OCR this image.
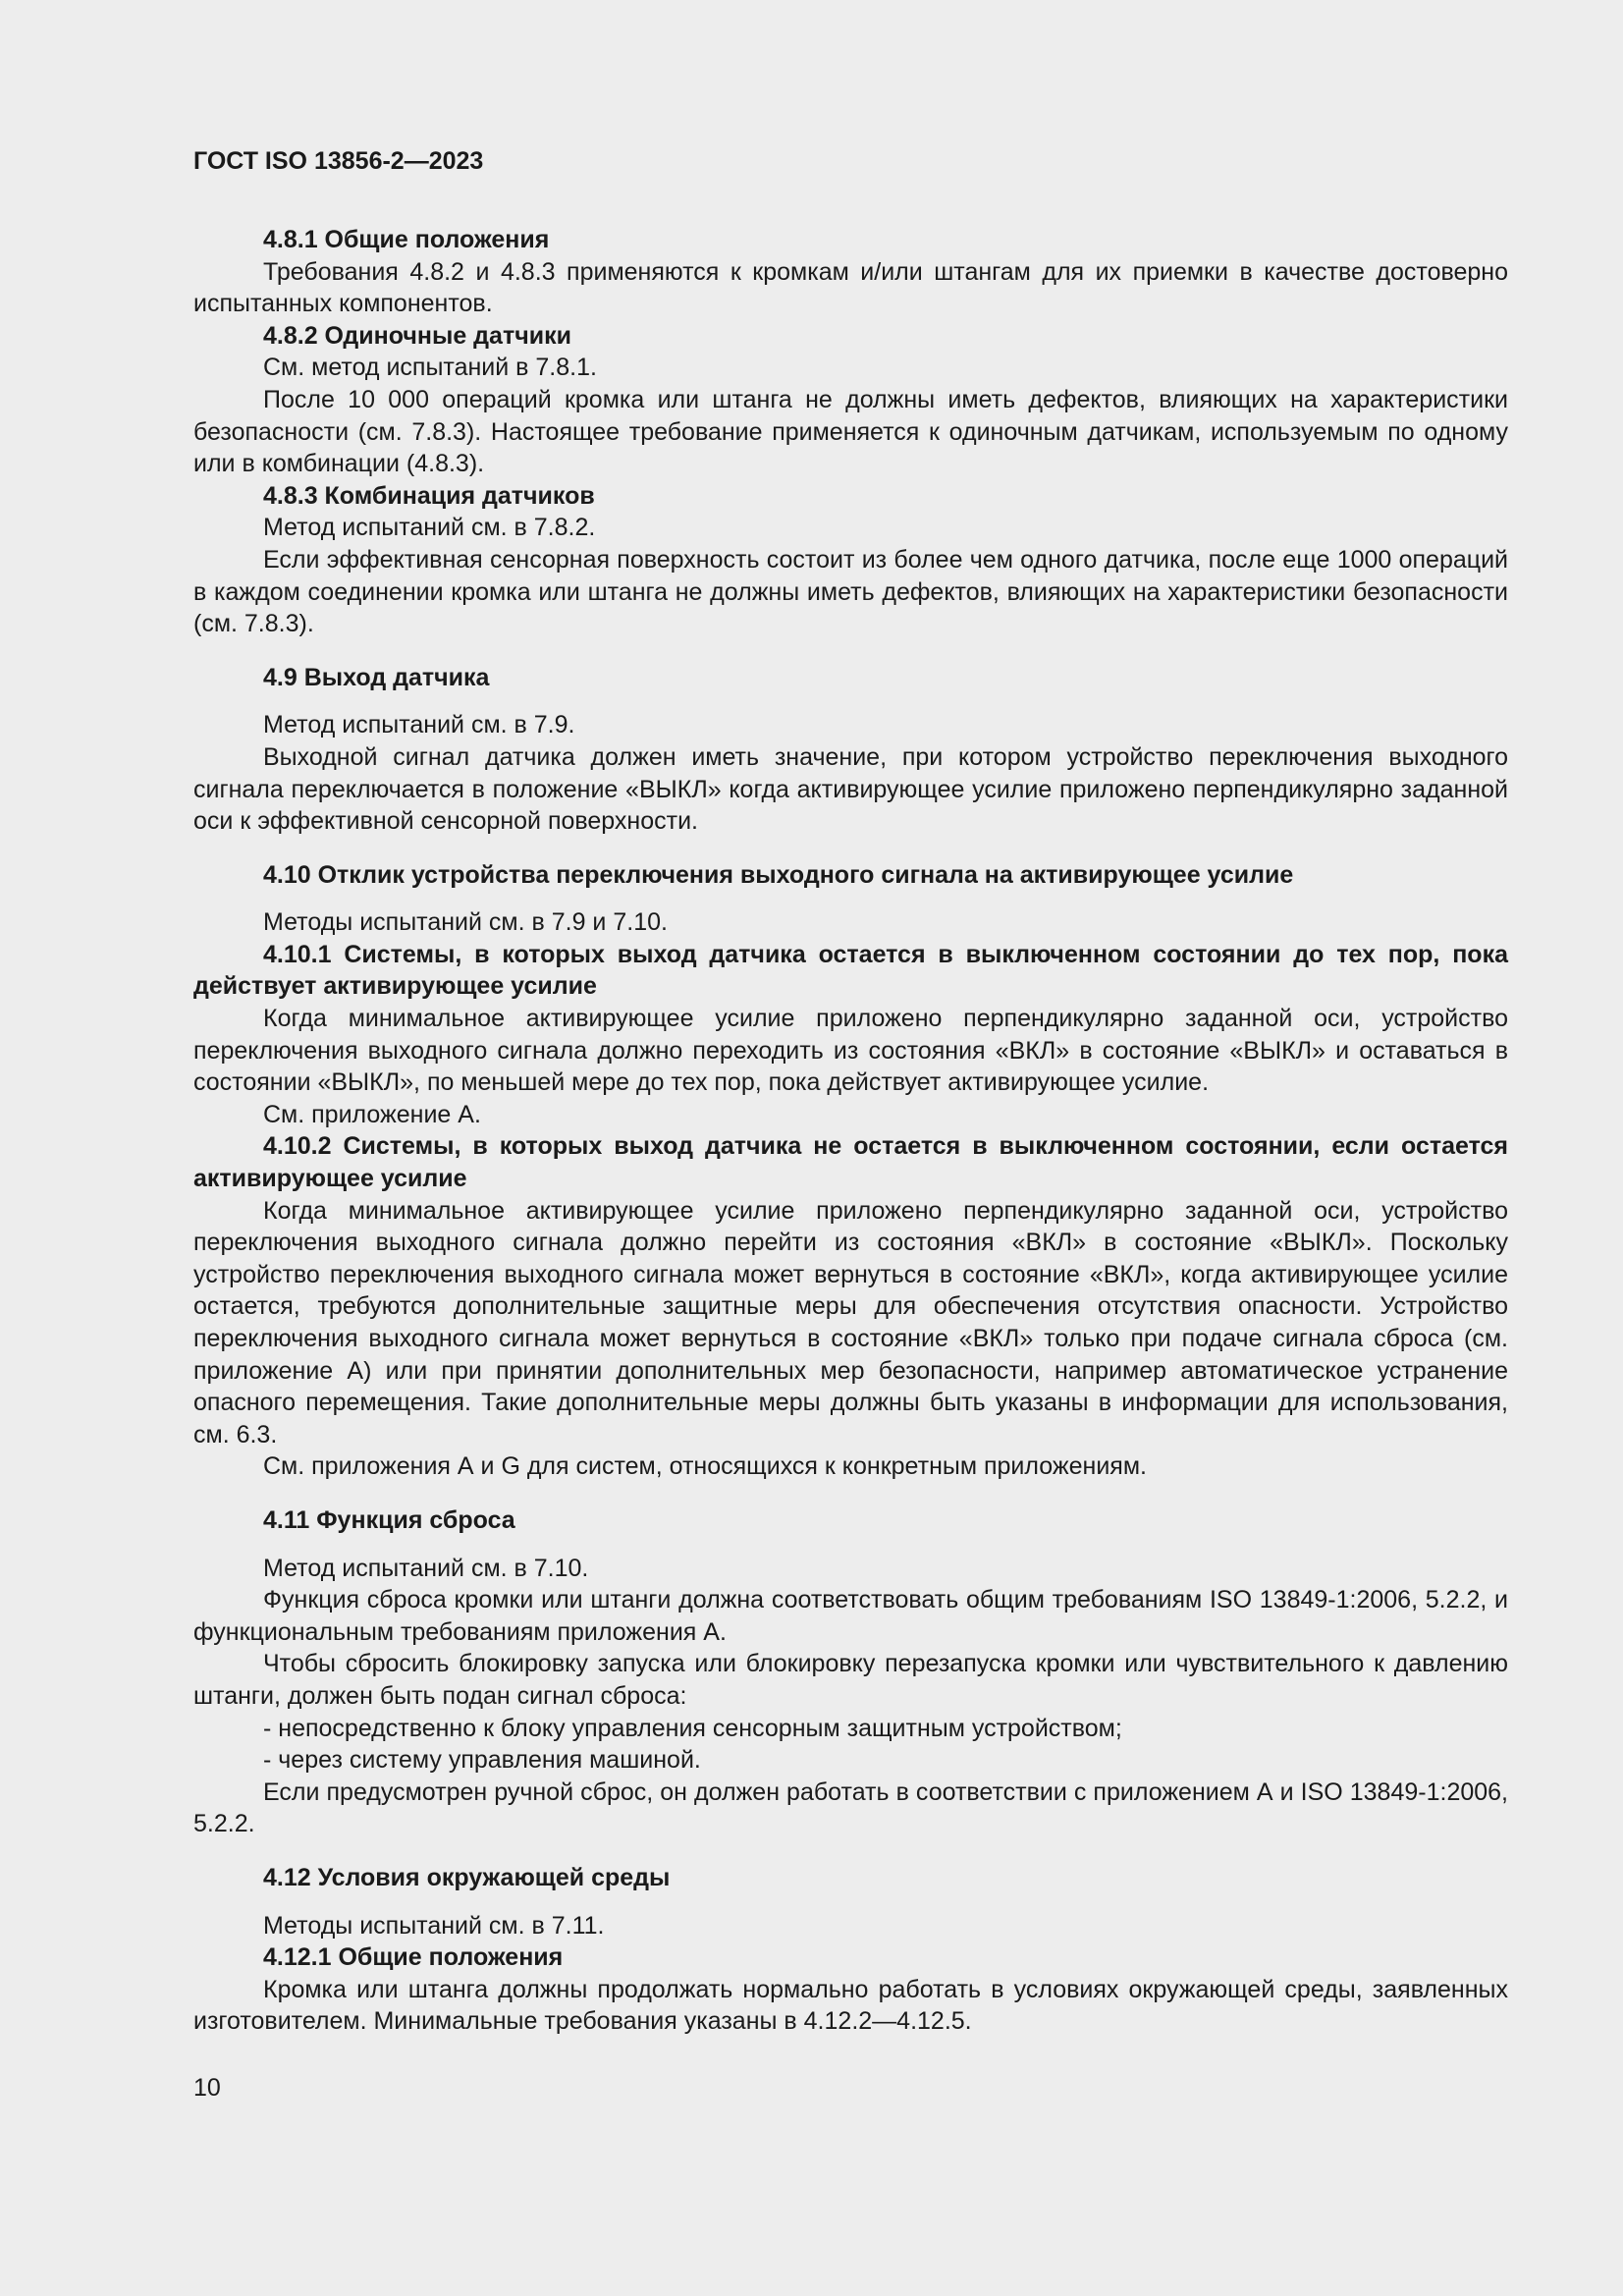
ГОСТ ISO 13856-2—2023

4.8.1 Общие положения

Требования 4.8.2 и 4.8.3 применяются к кромкам и/или штангам для их приемки в качестве достоверно испытанных компонентов.

4.8.2 Одиночные датчики

См. метод испытаний в 7.8.1.

После 10 000 операций кромка или штанга не должны иметь дефектов, влияющих на характеристики безопасности (см. 7.8.3). Настоящее требование применяется к одиночным датчикам, используемым по одному или в комбинации (4.8.3).

4.8.3 Комбинация датчиков

Метод испытаний см. в 7.8.2.

Если эффективная сенсорная поверхность состоит из более чем одного датчика, после еще 1000 операций в каждом соединении кромка или штанга не должны иметь дефектов, влияющих на характеристики безопасности (см. 7.8.3).

4.9 Выход датчика

Метод испытаний см. в 7.9.

Выходной сигнал датчика должен иметь значение, при котором устройство переключения выходного сигнала переключается в положение «ВЫКЛ» когда активирующее усилие приложено перпендикулярно заданной оси к эффективной сенсорной поверхности.

4.10 Отклик устройства переключения выходного сигнала на активирующее усилие

Методы испытаний см. в 7.9 и 7.10.

4.10.1 Системы, в которых выход датчика остается в выключенном состоянии до тех пор, пока действует активирующее усилие

Когда минимальное активирующее усилие приложено перпендикулярно заданной оси, устройство переключения выходного сигнала должно переходить из состояния «ВКЛ» в состояние «ВЫКЛ» и оставаться в состоянии «ВЫКЛ», по меньшей мере до тех пор, пока действует активирующее усилие.

См. приложение А.

4.10.2 Системы, в которых выход датчика не остается в выключенном состоянии, если остается активирующее усилие

Когда минимальное активирующее усилие приложено перпендикулярно заданной оси, устройство переключения выходного сигнала должно перейти из состояния «ВКЛ» в состояние «ВЫКЛ». Поскольку устройство переключения выходного сигнала может вернуться в состояние «ВКЛ», когда активирующее усилие остается, требуются дополнительные защитные меры для обеспечения отсутствия опасности. Устройство переключения выходного сигнала может вернуться в состояние «ВКЛ» только при подаче сигнала сброса (см. приложение А) или при принятии дополнительных мер безопасности, например автоматическое устранение опасного перемещения. Такие дополнительные меры должны быть указаны в информации для использования, см. 6.3.

См. приложения А и G для систем, относящихся к конкретным приложениям.

4.11 Функция сброса

Метод испытаний см. в 7.10.

Функция сброса кромки или штанги должна соответствовать общим требованиям ISO 13849-1:2006, 5.2.2, и функциональным требованиям приложения А.

Чтобы сбросить блокировку запуска или блокировку перезапуска кромки или чувствительного к давлению штанги, должен быть подан сигнал сброса:

- непосредственно к блоку управления сенсорным защитным устройством;

- через систему управления машиной.

Если предусмотрен ручной сброс, он должен работать в соответствии с приложением А и ISO 13849-1:2006, 5.2.2.

4.12 Условия окружающей среды

Методы испытаний см. в 7.11.

4.12.1 Общие положения

Кромка или штанга должны продолжать нормально работать в условиях окружающей среды, заявленных изготовителем. Минимальные требования указаны в 4.12.2—4.12.5.

10
